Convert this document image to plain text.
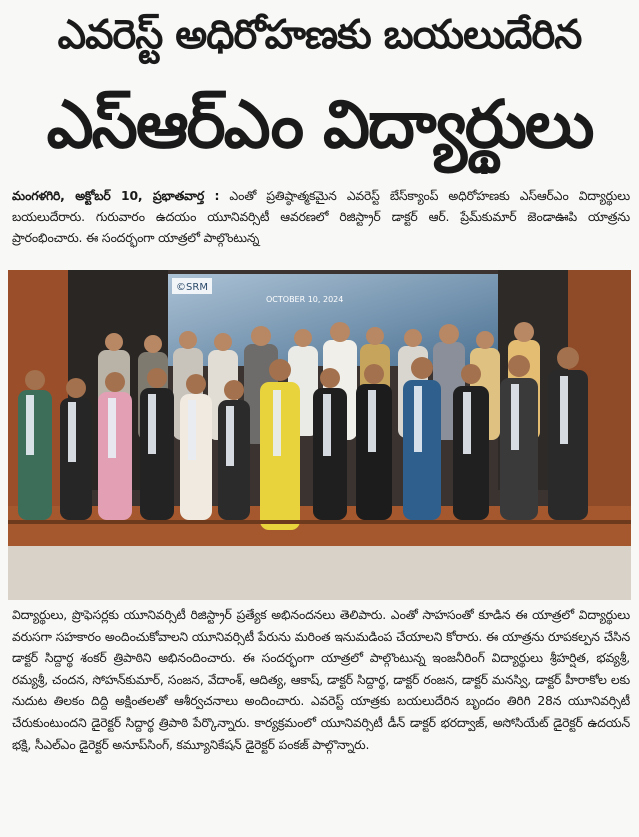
ఎవరెస్ట్ అధిరోహణకు బయలుదేరిన
ఎస్ఆర్ఎం విద్యార్థులు
మంగళగిరి, అక్టోబర్ 10, ప్రభాతవార్త : ఎంతో ప్రతిష్ఠాత్మకమైన ఎవరెస్ట్ బేస్‌క్యాంప్ అధిరోహణకు ఎస్ఆర్ఎం విద్యార్థులు బయలుదేరారు. గురువారం ఉదయం యూనివర్సిటీ ఆవరణలో రిజిస్ట్రార్ డాక్టర్ ఆర్. ప్రేమ్‌కుమార్ జెండాఊపి యాత్రను ప్రారంభించారు. ఈ సందర్భంగా యాత్రలో పాల్గొంటున్న
©SRM
OCTOBER 10, 2024
విద్యార్థులు, ప్రొఫెసర్లకు యూనివర్సిటీ రిజిస్ట్రార్ ప్రత్యేక అభినందనలు తెలిపారు. ఎంతో సాహసంతో కూడిన ఈ యాత్రలో విద్యార్థులు వరుసగా సహకారం అందించుకోవాలని యూనివర్సిటీ పేరును మరింత ఇనుమడింప చేయాలని కోరారు. ఈ యాత్రను రూపకల్పన చేసిన డాక్టర్ సిద్దార్థ శంకర్ త్రిపాఠిని అభినందించారు. ఈ సందర్భంగా యాత్రలో పాల్గొంటున్న ఇంజనీరింగ్ విద్యార్థులు శ్రీహర్షిత, భవ్యశ్రీ, రమ్యశ్రీ, చందన, సోహన్‌కుమార్, సంజన, వేదాంశ్, ఆదిత్య, ఆకాష్, డాక్టర్ సిద్దార్థ, డాక్టర్ రంజన, డాక్టర్ మనస్వి, డాక్టర్ హీరాకోల లకు నుదుట తిలకం దిద్ది అక్షింతలతో ఆశీర్వచనాలు అందించారు. ఎవరెస్ట్ యాత్రకు బయలుదేరిన బృందం తిరిగి 28న యూనివర్సిటీ చేరుకుంటుందని డైరెక్టర్ సిద్దార్థ త్రిపాఠి పేర్కొన్నారు. కార్యక్రమంలో యూనివర్సిటీ డీన్ డాక్టర్ భరద్వాజ్, అసోసియేట్ డైరెక్టర్ ఉదయన్ భక్షి, సీఎల్ఎం డైరెక్టర్ అనూప్‌సింగ్, కమ్యూనికేషన్ డైరెక్టర్ పంకజ్ పాల్గొన్నారు.
